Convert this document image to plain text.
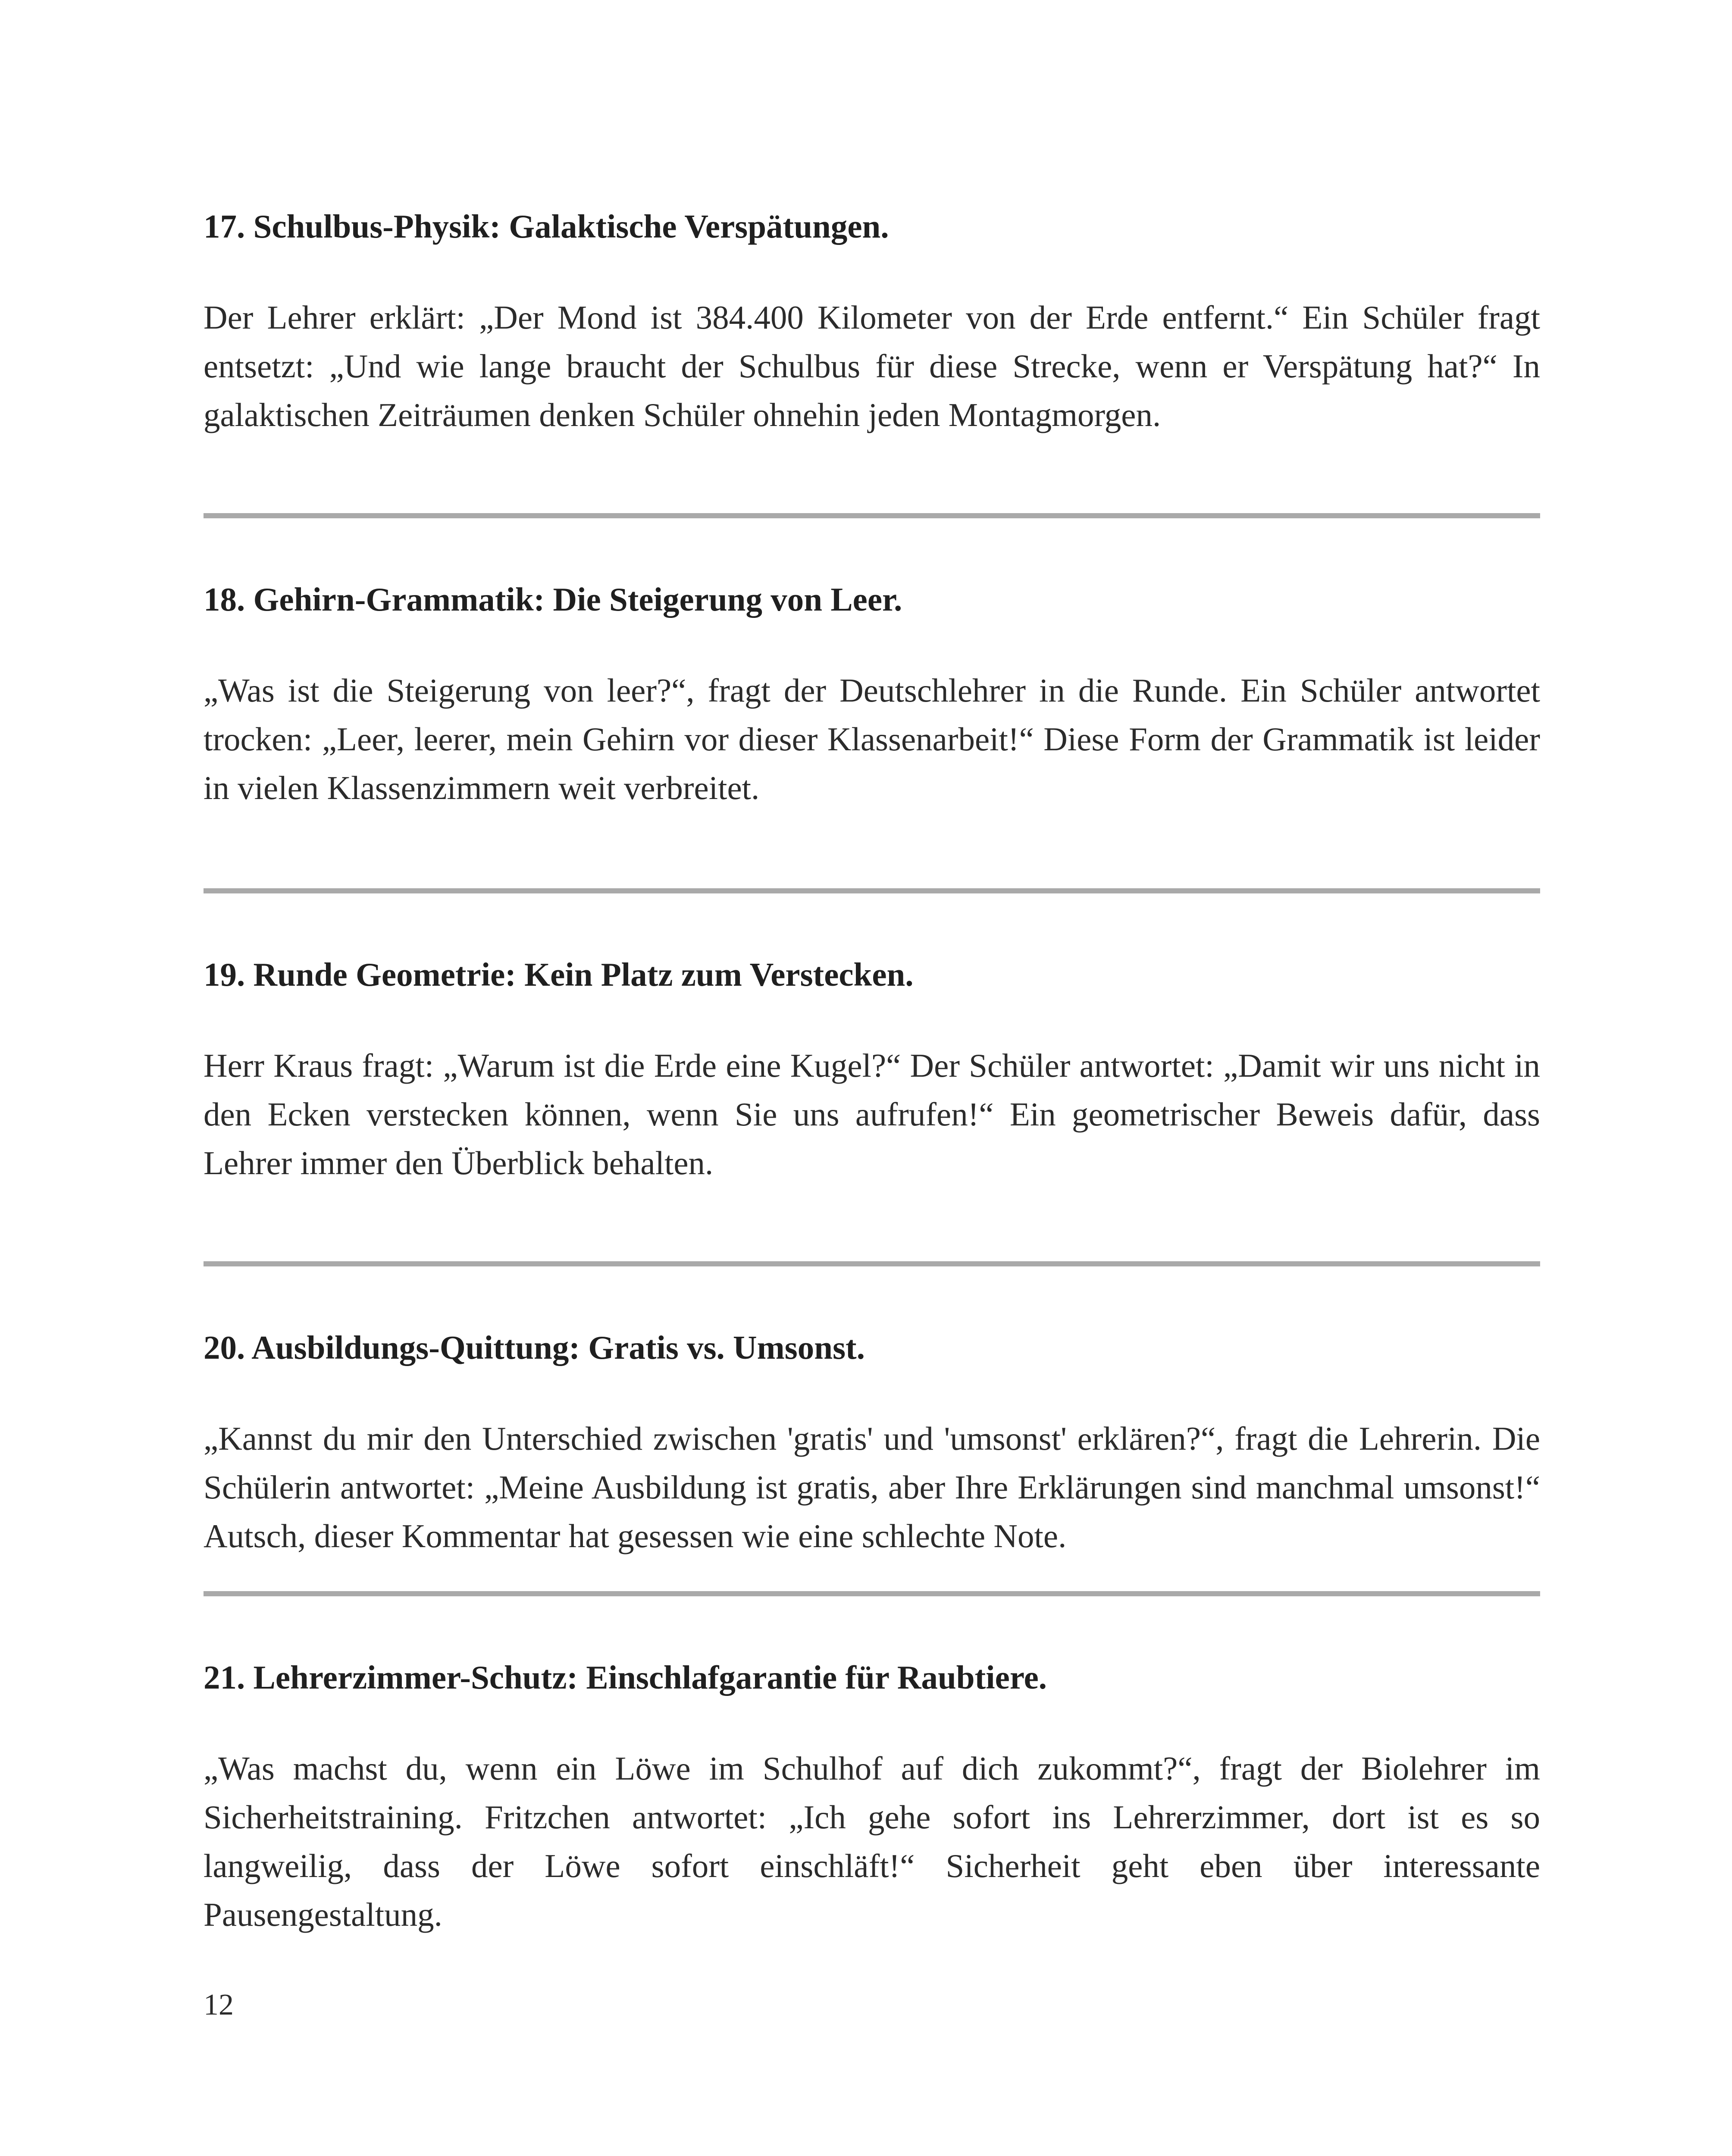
17. Schulbus-Physik: Galaktische Verspätungen.

Der Lehrer erklärt: „Der Mond ist 384.400 Kilometer von der Erde entfernt.“ Ein Schüler fragt entsetzt: „Und wie lange braucht der Schulbus für diese Strecke, wenn er Verspätung hat?“ In galaktischen Zeiträumen denken Schüler ohnehin jeden Montagmorgen.

18. Gehirn-Grammatik: Die Steigerung von Leer.

„Was ist die Steigerung von leer?“, fragt der Deutschlehrer in die Runde. Ein Schüler antwortet trocken: „Leer, leerer, mein Gehirn vor dieser Klassenarbeit!“ Diese Form der Grammatik ist leider in vielen Klassenzimmern weit verbreitet.

19. Runde Geometrie: Kein Platz zum Verstecken.

Herr Kraus fragt: „Warum ist die Erde eine Kugel?“ Der Schüler antwortet: „Damit wir uns nicht in den Ecken verstecken können, wenn Sie uns aufrufen!“ Ein geometrischer Beweis dafür, dass Lehrer immer den Überblick behalten.

20. Ausbildungs-Quittung: Gratis vs. Umsonst.

„Kannst du mir den Unterschied zwischen 'gratis' und 'umsonst' erklären?“, fragt die Lehrerin. Die Schülerin antwortet: „Meine Ausbildung ist gratis, aber Ihre Erklärungen sind manchmal umsonst!“ Autsch, dieser Kommentar hat gesessen wie eine schlechte Note.

21. Lehrerzimmer-Schutz: Einschlafgarantie für Raubtiere.

„Was machst du, wenn ein Löwe im Schulhof auf dich zukommt?“, fragt der Biolehrer im Sicherheitstraining. Fritzchen antwortet: „Ich gehe sofort ins Lehrerzimmer, dort ist es so langweilig, dass der Löwe sofort einschläft!“ Sicherheit geht eben über interessante Pausengestaltung.

12
